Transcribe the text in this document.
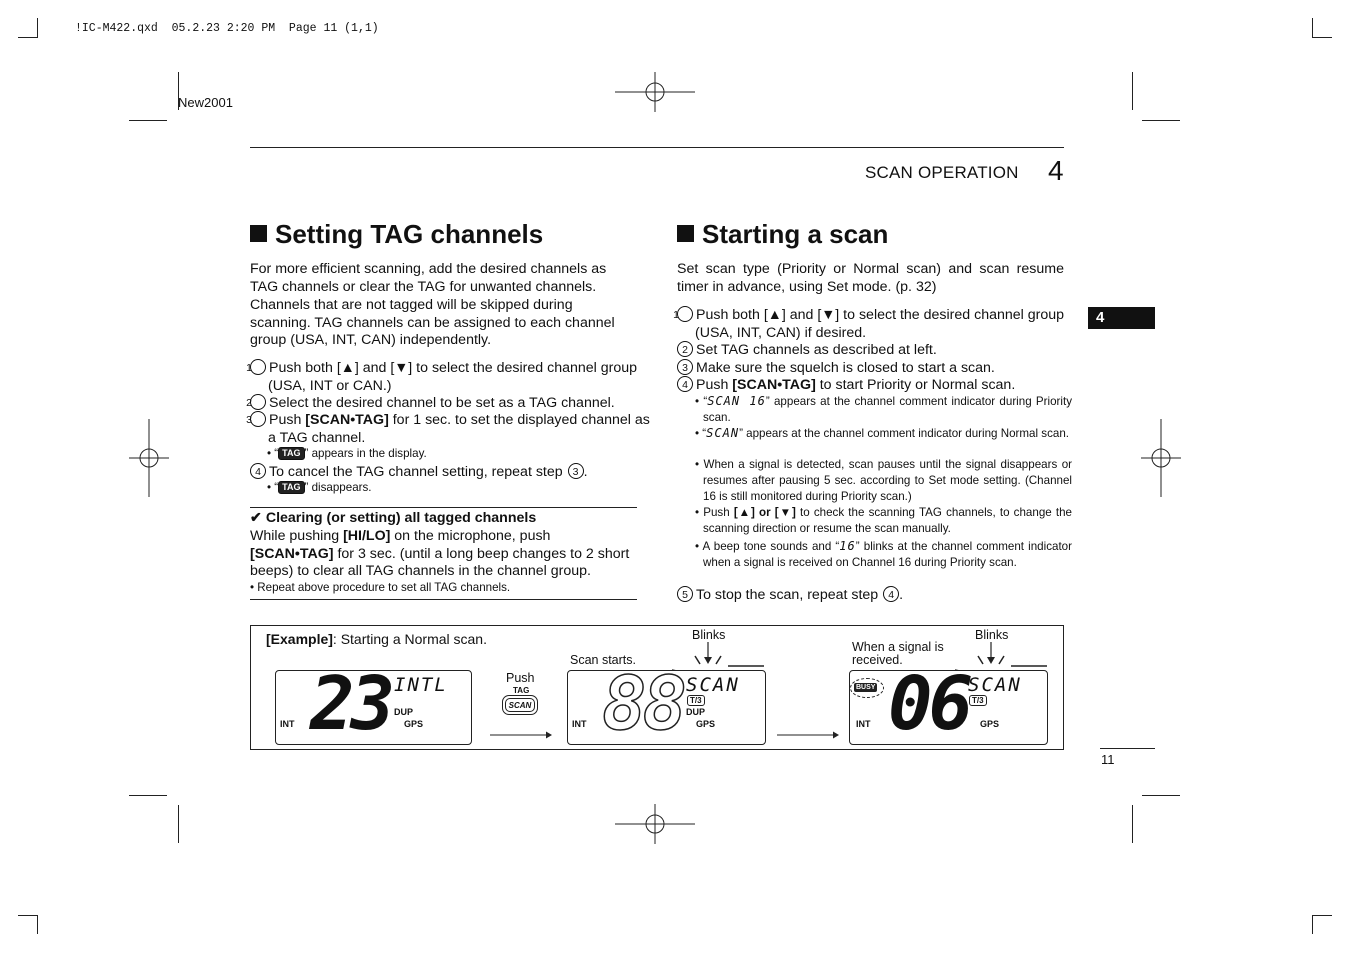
!IC-M422.qxd  05.2.23 2:20 PM  Page 11 (1,1)
New2001
SCAN OPERATION 4
4
Setting TAG channels
For more efficient scanning, add the desired channels as TAG channels or clear the TAG for unwanted channels.
Channels that are not tagged will be skipped during scanning. TAG channels can be assigned to each channel group (USA, INT, CAN) independently.
1 Push both [▲] and [▼] to select the desired channel group (USA, INT or CAN.)
2 Select the desired channel to be set as a TAG channel.
3 Push [SCAN•TAG] for 1 sec. to set the displayed channel as a TAG channel.
• “ TAG ” appears in the display.
4 To cancel the TAG channel setting, repeat step 3 .
• “ TAG ” disappears.
✔ Clearing (or setting) all tagged channels
While pushing [HI/LO] on the microphone, push [SCAN•TAG] for 3 sec. (until a long beep changes to 2 short beeps) to clear all TAG channels in the channel group.
• Repeat above procedure to set all TAG channels.
Starting a scan
Set scan type (Priority or Normal scan) and scan resume timer in advance, using Set mode. (p. 32)
1 Push both [▲] and [▼] to select the desired channel group (USA, INT, CAN) if desired.
2 Set TAG channels as described at left.
3 Make sure the squelch is closed to start a scan.
4 Push [SCAN•TAG] to start Priority or Normal scan.
• “SCAN 16” appears at the channel comment indicator during Priority scan.
• “SCAN” appears at the channel comment indicator during Normal scan.
• When a signal is detected, scan pauses until the signal disappears or resumes after pausing 5 sec. according to Set mode setting. (Channel 16 is still monitored during Priority scan.)
• Push [▲] or [▼] to check the scanning TAG channels, to change the scanning direction or resume the scan manually.
• A beep tone sounds and “16” blinks at the channel comment indicator when a signal is received on Channel 16 during Priority scan.
5 To stop the scan, repeat step 4 .
[Example]: Starting a Normal scan.
23 INTL
INT
DUP
GPS
Push
TAG
SCAN
Scan starts.
Blinks
88 SCAN
T/3
INT
DUP
GPS
When a signal is received.
Blinks
BUSY 06
SCAN
T/3
INT	GPS
11
